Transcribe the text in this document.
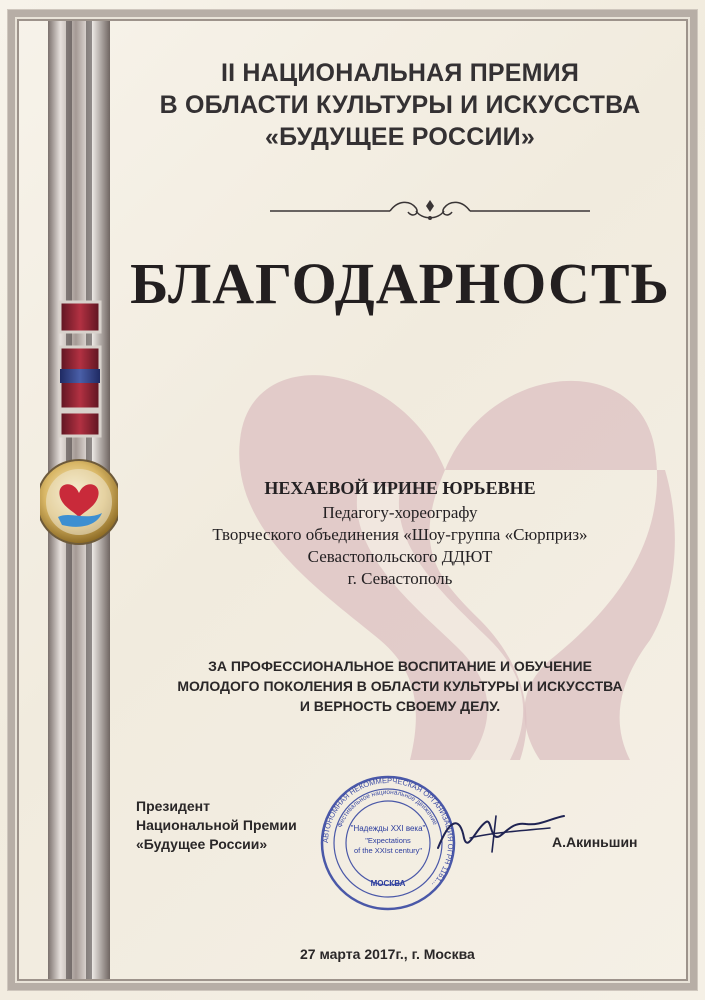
II НАЦИОНАЛЬНАЯ ПРЕМИЯ
В ОБЛАСТИ КУЛЬТУРЫ И ИСКУССТВА
«БУДУЩЕЕ РОССИИ»
БЛАГОДАРНОСТЬ
НЕХАЕВОЙ ИРИНЕ ЮРЬЕВНЕ
Педагогу-хореографу
Творческого объединения «Шоу-группа «Сюрприз»
Севастопольского ДДЮТ
г. Севастополь
ЗА ПРОФЕССИОНАЛЬНОЕ ВОСПИТАНИЕ И ОБУЧЕНИЕ
МОЛОДОГО ПОКОЛЕНИЯ В ОБЛАСТИ КУЛЬТУРЫ И ИСКУССТВА
И ВЕРНОСТЬ СВОЕМУ ДЕЛУ.
Президент
Национальной Премии
«Будущее России»	АВТОНОМНАЯ НЕКОММЕРЧЕСКАЯ ОРГАНИЗАЦИЯ ОГРН 1161...
Фестивальное национальное движение
"Надежды XXI века"
"Expectations
of the XXIst century"
МОСКВА
А.Акиньшин
27 марта 2017г., г. Москва
